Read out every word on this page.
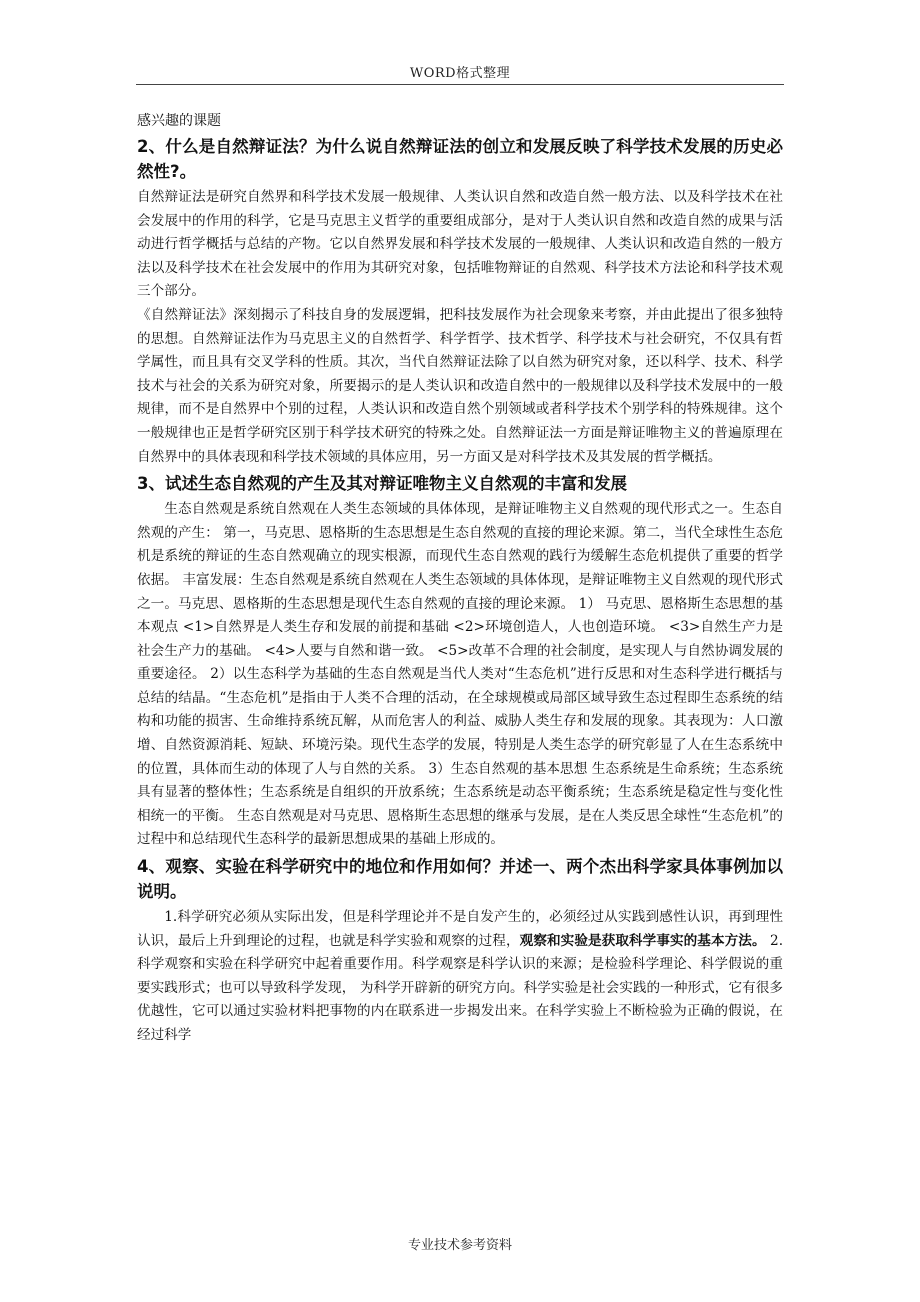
WORD格式整理

感兴趣的课题

2、什么是自然辩证法？为什么说自然辩证法的创立和发展反映了科学技术发展的历史必然性?。

自然辩证法是研究自然界和科学技术发展一般规律、人类认识自然和改造自然一般方法、以及科学技术在社会发展中的作用的科学，它是马克思主义哲学的重要组成部分，是对于人类认识自然和改造自然的成果与活动进行哲学概括与总结的产物。它以自然界发展和科学技术发展的一般规律、人类认识和改造自然的一般方法以及科学技术在社会发展中的作用为其研究对象，包括唯物辩证的自然观、科学技术方法论和科学技术观三个部分。

《自然辩证法》深刻揭示了科技自身的发展逻辑，把科技发展作为社会现象来考察，并由此提出了很多独特的思想。自然辩证法作为马克思主义的自然哲学、科学哲学、技术哲学、科学技术与社会研究，不仅具有哲学属性，而且具有交叉学科的性质。其次，当代自然辩证法除了以自然为研究对象，还以科学、技术、科学技术与社会的关系为研究对象，所要揭示的是人类认识和改造自然中的一般规律以及科学技术发展中的一般规律，而不是自然界中个别的过程，人类认识和改造自然个别领域或者科学技术个别学科的特殊规律。这个一般规律也正是哲学研究区别于科学技术研究的特殊之处。自然辩证法一方面是辩证唯物主义的普遍原理在自然界中的具体表现和科学技术领域的具体应用，另一方面又是对科学技术及其发展的哲学概括。

3、试述生态自然观的产生及其对辩证唯物主义自然观的丰富和发展

生态自然观是系统自然观在人类生态领域的具体体现，是辩证唯物主义自然观的现代形式之一。生态自然观的产生： 第一，马克思、恩格斯的生态思想是生态自然观的直接的理论来源。第二，当代全球性生态危机是系统的辩证的生态自然观确立的现实根源，而现代生态自然观的践行为缓解生态危机提供了重要的哲学依据。 丰富发展：生态自然观是系统自然观在人类生态领域的具体体现，是辩证唯物主义自然观的现代形式之一。马克思、恩格斯的生态思想是现代生态自然观的直接的理论来源。 1） 马克思、恩格斯生态思想的基本观点 <1>自然界是人类生存和发展的前提和基础 <2>环境创造人，人也创造环境。 <3>自然生产力是社会生产力的基础。 <4>人要与自然和谐一致。 <5>改革不合理的社会制度，是实现人与自然协调发展的重要途径。 2）以生态科学为基础的生态自然观是当代人类对“生态危机”进行反思和对生态科学进行概括与总结的结晶。“生态危机”是指由于人类不合理的活动，在全球规模或局部区域导致生态过程即生态系统的结构和功能的损害、生命维持系统瓦解，从而危害人的利益、威胁人类生存和发展的现象。其表现为：人口激增、自然资源消耗、短缺、环境污染。现代生态学的发展，特别是人类生态学的研究彰显了人在生态系统中的位置，具体而生动的体现了人与自然的关系。 3）生态自然观的基本思想 生态系统是生命系统；生态系统具有显著的整体性；生态系统是自组织的开放系统；生态系统是动态平衡系统；生态系统是稳定性与变化性相统一的平衡。 生态自然观是对马克思、恩格斯生态思想的继承与发展，是在人类反思全球性“生态危机”的过程中和总结现代生态科学的最新思想成果的基础上形成的。

4、观察、实验在科学研究中的地位和作用如何？并述一、两个杰出科学家具体事例加以说明。

1.科学研究必须从实际出发，但是科学理论并不是自发产生的，必须经过从实践到感性认识，再到理性认识，最后上升到理论的过程，也就是科学实验和观察的过程，观察和实验是获取科学事实的基本方法。 2.科学观察和实验在科学研究中起着重要作用。科学观察是科学认识的来源；是检验科学理论、科学假说的重要实践形式；也可以导致科学发现， 为科学开辟新的研究方向。科学实验是社会实践的一种形式，它有很多优越性，它可以通过实验材料把事物的内在联系进一步揭发出来。在科学实验上不断检验为正确的假说，在经过科学

专业技术参考资料
